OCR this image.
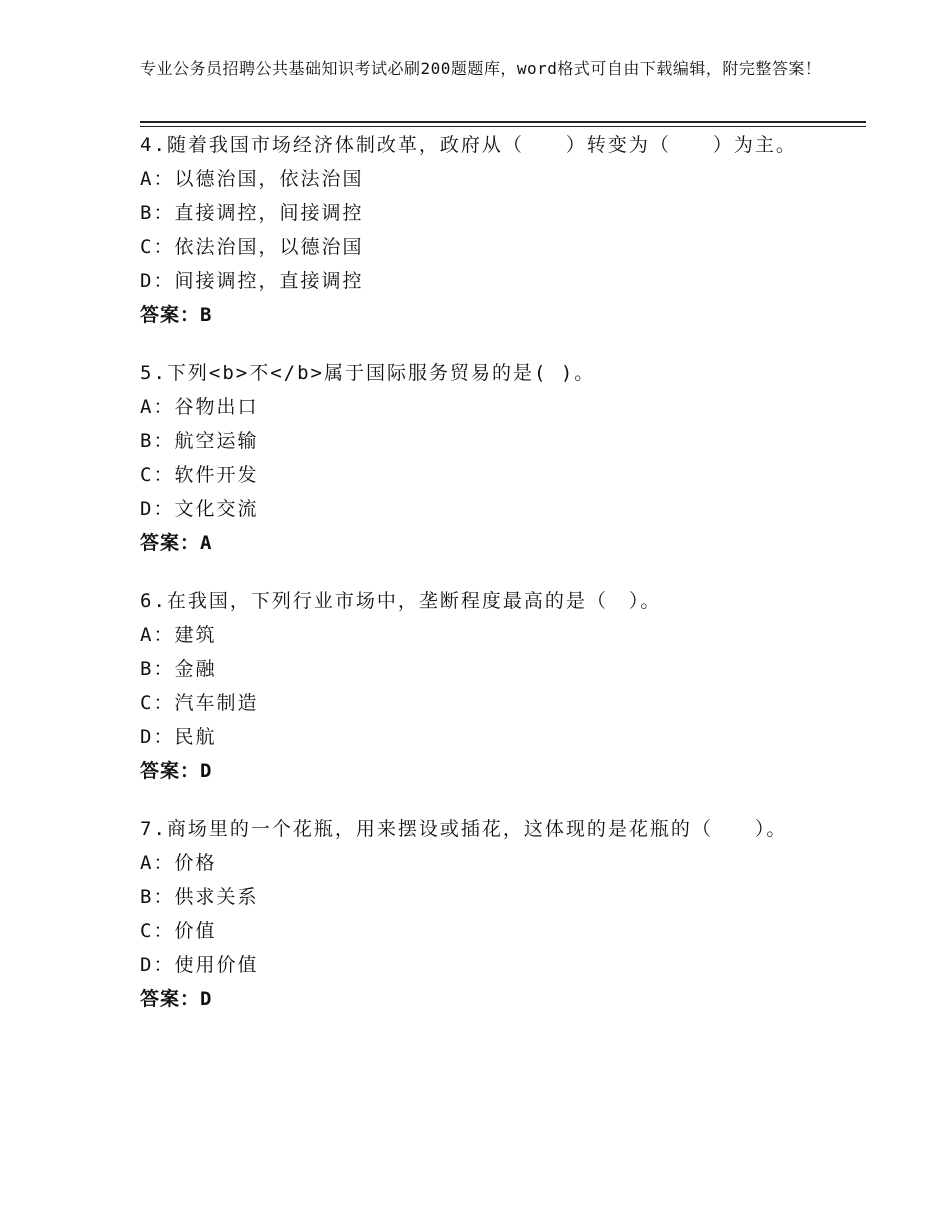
专业公务员招聘公共基础知识考试必刷200题题库，word格式可自由下载编辑，附完整答案！
4.随着我国市场经济体制改革，政府从（　　）转变为（　　）为主。
A：以德治国，依法治国
B：直接调控，间接调控
C：依法治国，以德治国
D：间接调控，直接调控
答案：B
5.下列<b>不</b>属于国际服务贸易的是( )。
A：谷物出口
B：航空运输
C：软件开发
D：文化交流
答案：A
6.在我国，下列行业市场中，垄断程度最高的是（　）。
A：建筑
B：金融
C：汽车制造
D：民航
答案：D
7.商场里的一个花瓶，用来摆设或插花，这体现的是花瓶的（　　）。
A：价格
B：供求关系
C：价值
D：使用价值
答案：D
